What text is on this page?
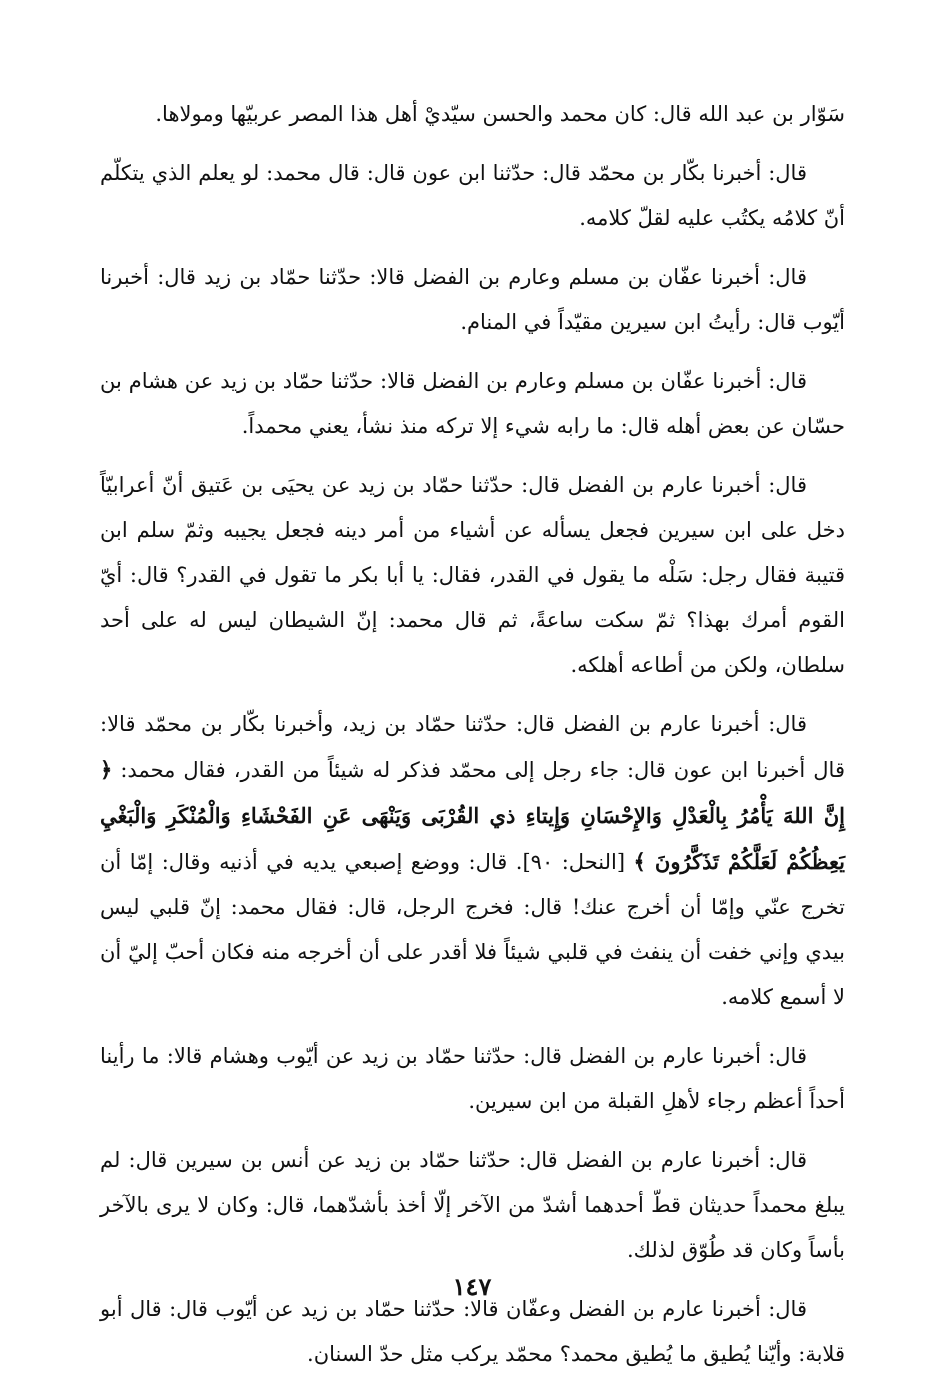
سَوّار بن عبد الله قال: كان محمد والحسن سيّديْ أهل هذا المصر عربيّها ومولاها.

قال: أخبرنا بكّار بن محمّد قال: حدّثنا ابن عون قال: قال محمد: لو يعلم الذي يتكلّم أنّ كلامُه يكتُب عليه لقلّ كلامه.

قال: أخبرنا عفّان بن مسلم وعارم بن الفضل قالا: حدّثنا حمّاد بن زيد قال: أخبرنا أيّوب قال: رأيتُ ابن سيرين مقيّداً في المنام.

قال: أخبرنا عفّان بن مسلم وعارم بن الفضل قالا: حدّثنا حمّاد بن زيد عن هشام بن حسّان عن بعض أهله قال: ما رابه شيء إلا تركه منذ نشأ، يعني محمداً.

قال: أخبرنا عارم بن الفضل قال: حدّثنا حمّاد بن زيد عن يحيَى بن عَتيق أنّ أعرابيّاً دخل على ابن سيرين فجعل يسأله عن أشياء من أمر دينه فجعل يجيبه وثمّ سلم ابن قتيبة فقال رجل: سَلْه ما يقول في القدر، فقال: يا أبا بكر ما تقول في القدر؟ قال: أيّ القوم أمرك بهذا؟ ثمّ سكت ساعةً، ثم قال محمد: إنّ الشيطان ليس له على أحد سلطان، ولكن من أطاعه أهلكه.

قال: أخبرنا عارم بن الفضل قال: حدّثنا حمّاد بن زيد، وأخبرنا بكّار بن محمّد قالا: قال أخبرنا ابن عون قال: جاء رجل إلى محمّد فذكر له شيئاً من القدر، فقال محمد: ﴿ إِنَّ اللهَ يَأْمُرُ بِالْعَدْلِ وَالإِحْسَانِ وَإِيتاءِ ذي القُرْبَى وَيَنْهَى عَنِ الفَحْشَاءِ وَالْمُنْكَرِ وَالْبَغْيِ يَعِظُكُمْ لَعَلَّكُمْ تَذَكَّرُونَ ﴾ [النحل: ٩٠]. قال: ووضع إصبعي يديه في أذنيه وقال: إمّا أن تخرج عنّي وإمّا أن أخرج عنك! قال: فخرج الرجل، قال: فقال محمد: إنّ قلبي ليس بيدي وإني خفت أن ينفث في قلبي شيئاً فلا أقدر على أن أخرجه منه فكان أحبّ إليّ أن لا أسمع كلامه.

قال: أخبرنا عارم بن الفضل قال: حدّثنا حمّاد بن زيد عن أيّوب وهشام قالا: ما رأينا أحداً أعظم رجاء لأهلِ القبلة من ابن سيرين.

قال: أخبرنا عارم بن الفضل قال: حدّثنا حمّاد بن زيد عن أنس بن سيرين قال: لم يبلغ محمداً حديثان قطّ أحدهما أشدّ من الآخر إلّا أخذ بأشدّهما، قال: وكان لا يرى بالآخر بأساً وكان قد طُوّق لذلك.

قال: أخبرنا عارم بن الفضل وعفّان قالا: حدّثنا حمّاد بن زيد عن أيّوب قال: قال أبو قلابة: وأيّنا يُطيق ما يُطيق محمد؟ محمّد يركب مثل حدّ السنان.

١٤٧
